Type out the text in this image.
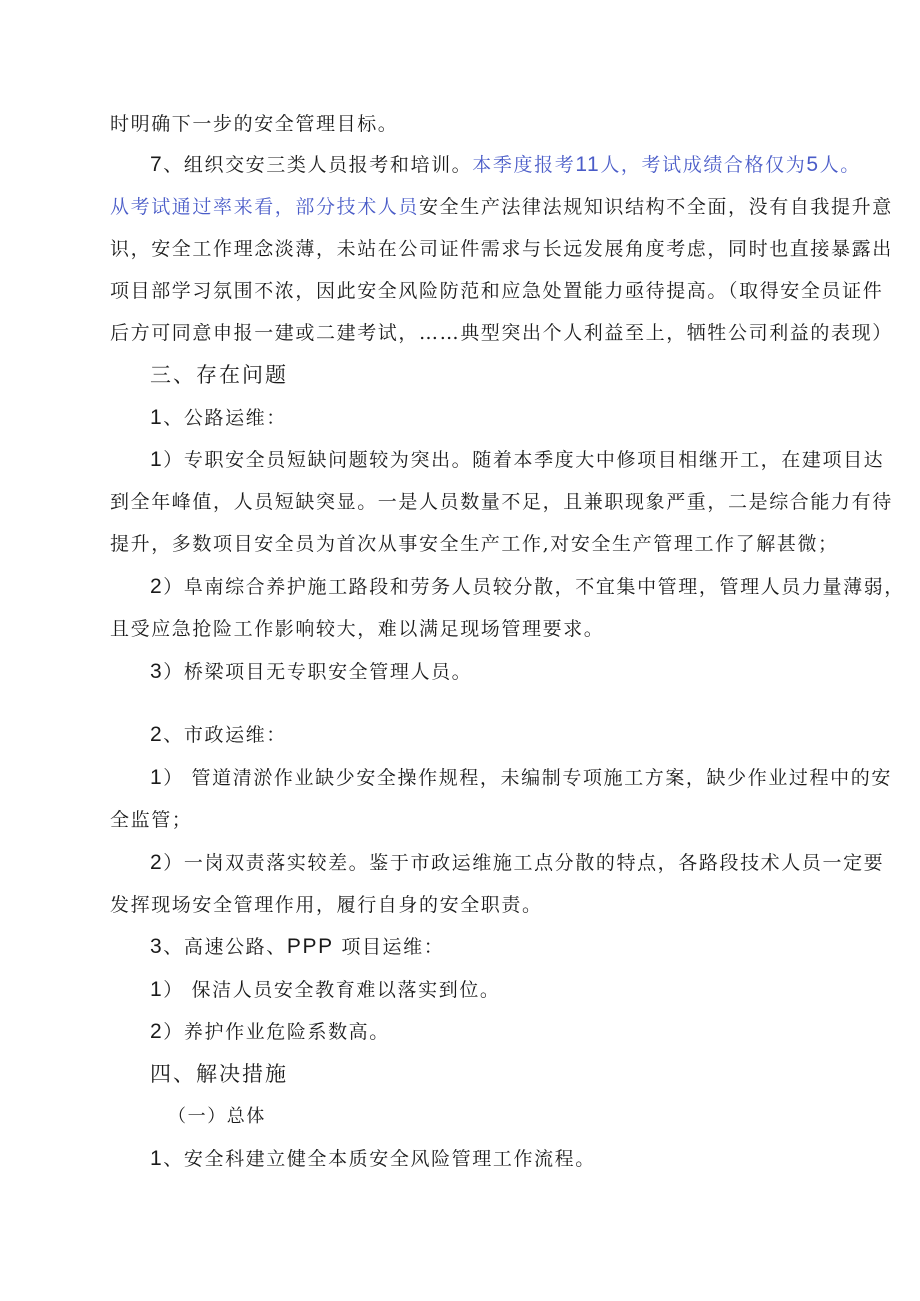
时明确下一步的安全管理目标。
7、组织交安三类人员报考和培训。本季度报考11人，考试成绩合格仅为5人。
从考试通过率来看，部分技术人员安全生产法律法规知识结构不全面，没有自我提升意
识，安全工作理念淡薄，未站在公司证件需求与长远发展角度考虑，同时也直接暴露出
项目部学习氛围不浓，因此安全风险防范和应急处置能力亟待提高。（取得安全员证件
后方可同意申报一建或二建考试，……典型突出个人利益至上，牺牲公司利益的表现）
三、存在问题
1、公路运维：
1）专职安全员短缺问题较为突出。随着本季度大中修项目相继开工，在建项目达
到全年峰值，人员短缺突显。一是人员数量不足，且兼职现象严重，二是综合能力有待
提升，多数项目安全员为首次从事安全生产工作,对安全生产管理工作了解甚微；
2）阜南综合养护施工路段和劳务人员较分散，不宜集中管理，管理人员力量薄弱，
且受应急抢险工作影响较大，难以满足现场管理要求。
3）桥梁项目无专职安全管理人员。
2、市政运维：
1） 管道清淤作业缺少安全操作规程，未编制专项施工方案，缺少作业过程中的安
全监管；
2）一岗双责落实较差。鉴于市政运维施工点分散的特点，各路段技术人员一定要
发挥现场安全管理作用，履行自身的安全职责。
3、高速公路、PPP 项目运维：
1） 保洁人员安全教育难以落实到位。
2）养护作业危险系数高。
四、解决措施
（一）总体
1、安全科建立健全本质安全风险管理工作流程。
